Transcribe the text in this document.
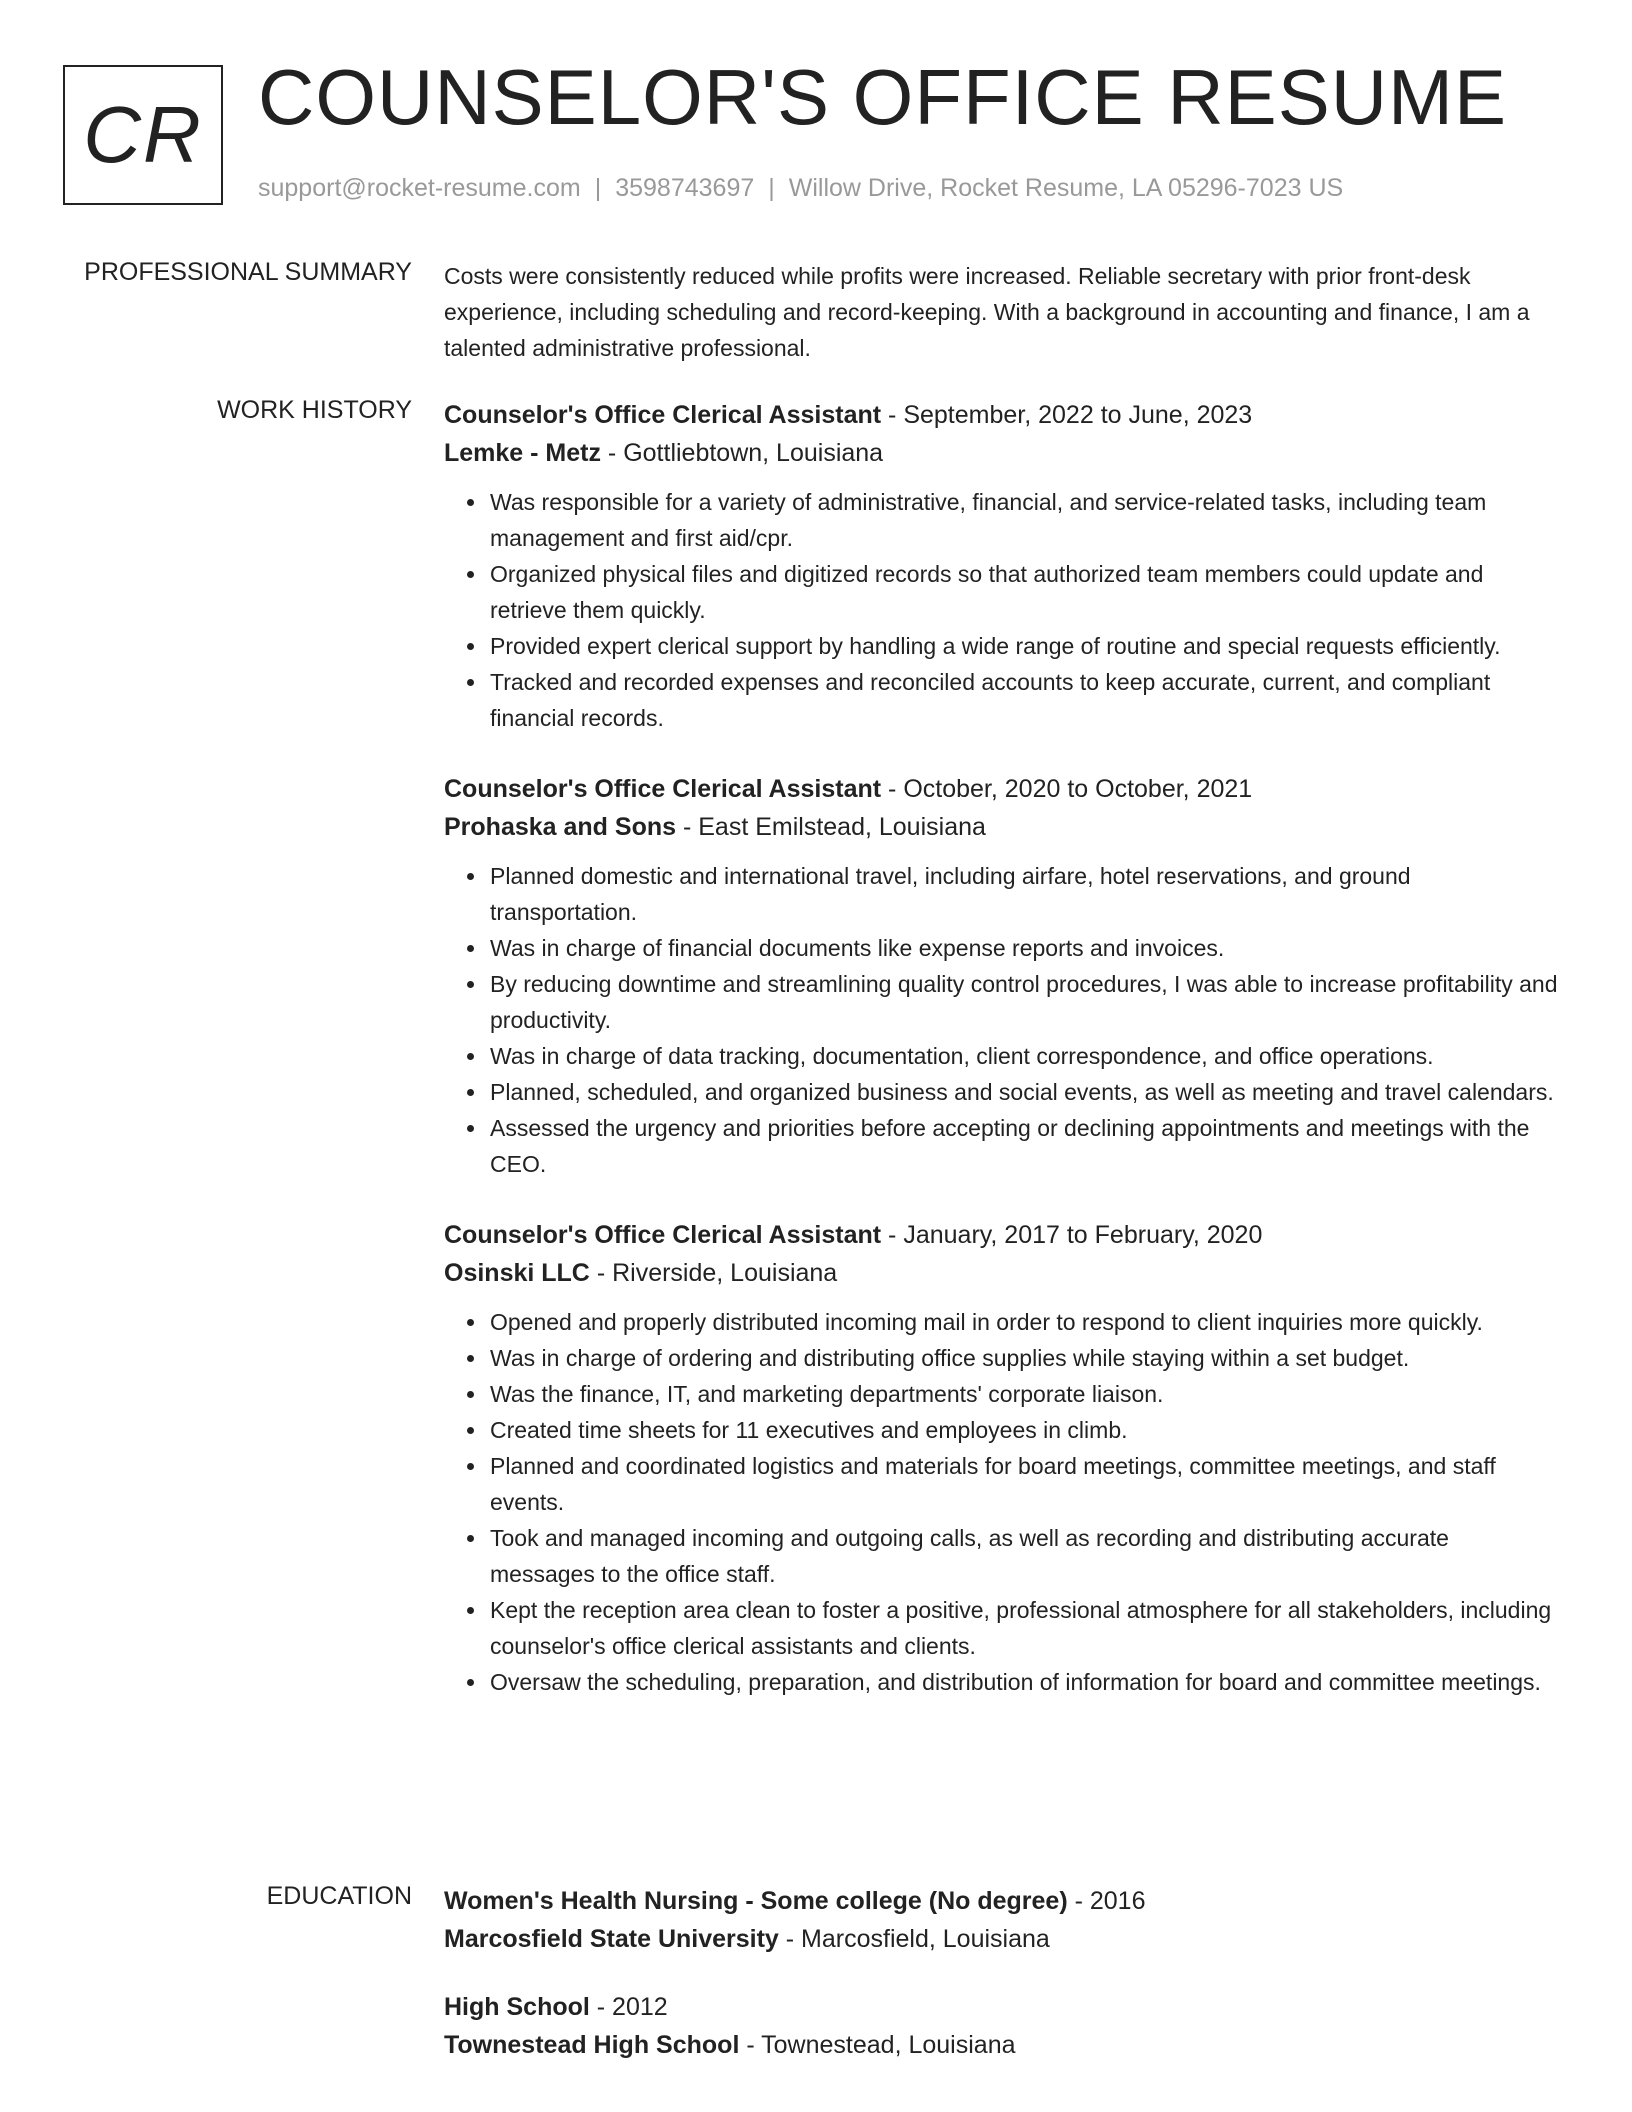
CR COUNSELOR'S OFFICE RESUME
support@rocket-resume.com | 3598743697 | Willow Drive, Rocket Resume, LA 05296-7023 US
PROFESSIONAL SUMMARY Costs were consistently reduced while profits were increased. Reliable secretary with prior front-desk experience, including scheduling and record-keeping. With a background in accounting and finance, I am a talented administrative professional.

WORK HISTORY Counselor's Office Clerical Assistant - September, 2022 to June, 2023
Lemke - Metz - Gottliebtown, Louisiana
• Was responsible for a variety of administrative, financial, and service-related tasks, including team management and first aid/cpr.
• Organized physical files and digitized records so that authorized team members could update and retrieve them quickly.
• Provided expert clerical support by handling a wide range of routine and special requests efficiently.
• Tracked and recorded expenses and reconciled accounts to keep accurate, current, and compliant financial records.
Counselor's Office Clerical Assistant - October, 2020 to October, 2021
Prohaska and Sons - East Emilstead, Louisiana
• Planned domestic and international travel, including airfare, hotel reservations, and ground transportation.
• Was in charge of financial documents like expense reports and invoices.
• By reducing downtime and streamlining quality control procedures, I was able to increase profitability and productivity.
• Was in charge of data tracking, documentation, client correspondence, and office operations.
• Planned, scheduled, and organized business and social events, as well as meeting and travel calendars.
• Assessed the urgency and priorities before accepting or declining appointments and meetings with the CEO.
Counselor's Office Clerical Assistant - January, 2017 to February, 2020
Osinski LLC - Riverside, Louisiana
• Opened and properly distributed incoming mail in order to respond to client inquiries more quickly.
• Was in charge of ordering and distributing office supplies while staying within a set budget.
• Was the finance, IT, and marketing departments' corporate liaison.
• Created time sheets for 11 executives and employees in climb.
• Planned and coordinated logistics and materials for board meetings, committee meetings, and staff events.
• Took and managed incoming and outgoing calls, as well as recording and distributing accurate messages to the office staff.
• Kept the reception area clean to foster a positive, professional atmosphere for all stakeholders, including counselor's office clerical assistants and clients.
• Oversaw the scheduling, preparation, and distribution of information for board and committee meetings.
EDUCATION Women's Health Nursing - Some college (No degree) - 2016
Marcosfield State University - Marcosfield, Louisiana
High School - 2012
Townestead High School - Townestead, Louisiana
